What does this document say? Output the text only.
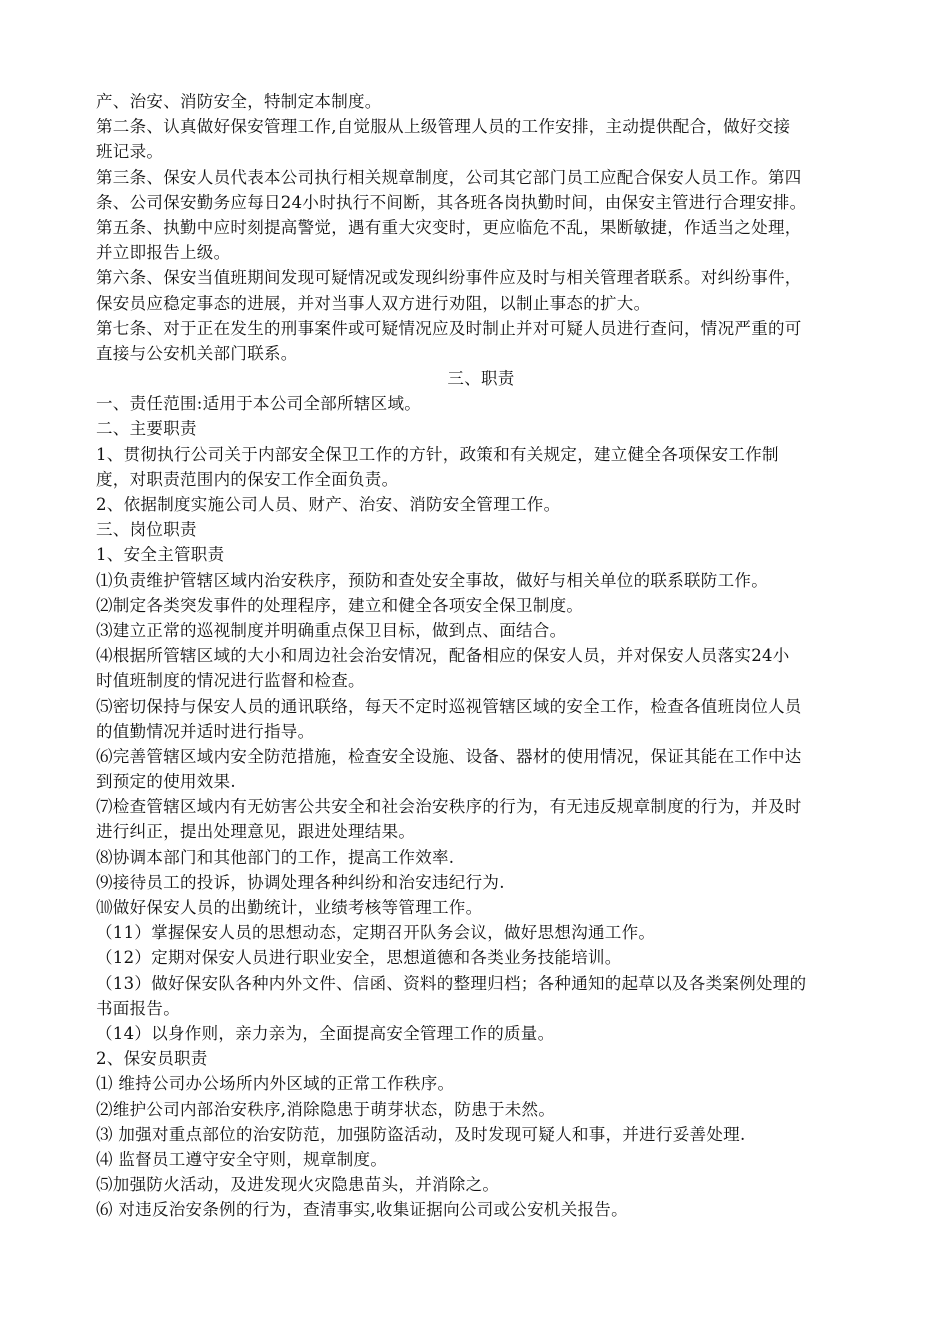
产、治安、消防安全，特制定本制度。
第二条、认真做好保安管理工作,自觉服从上级管理人员的工作安排，主动提供配合，做好交接
班记录。
第三条、保安人员代表本公司执行相关规章制度，公司其它部门员工应配合保安人员工作。第四
条、公司保安勤务应每日24小时执行不间断，其各班各岗执勤时间，由保安主管进行合理安排。
第五条、执勤中应时刻提高警觉，遇有重大灾变时，更应临危不乱，果断敏捷，作适当之处理，
并立即报告上级。
第六条、保安当值班期间发现可疑情况或发现纠纷事件应及时与相关管理者联系。对纠纷事件，
保安员应稳定事态的进展，并对当事人双方进行劝阻，以制止事态的扩大。
第七条、对于正在发生的刑事案件或可疑情况应及时制止并对可疑人员进行查问，情况严重的可
直接与公安机关部门联系。
三、职责
一、责任范围:适用于本公司全部所辖区域。
二、主要职责
1、贯彻执行公司关于内部安全保卫工作的方针，政策和有关规定，建立健全各项保安工作制
度，对职责范围内的保安工作全面负责。
2、依据制度实施公司人员、财产、治安、消防安全管理工作。
三、岗位职责
1、安全主管职责
⑴负责维护管辖区域内治安秩序，预防和查处安全事故，做好与相关单位的联系联防工作。
⑵制定各类突发事件的处理程序，建立和健全各项安全保卫制度。
⑶建立正常的巡视制度并明确重点保卫目标，做到点、面结合。
⑷根据所管辖区域的大小和周边社会治安情况，配备相应的保安人员，并对保安人员落实24小
时值班制度的情况进行监督和检查。
⑸密切保持与保安人员的通讯联络，每天不定时巡视管辖区域的安全工作，检查各值班岗位人员
的值勤情况并适时进行指导。
⑹完善管辖区域内安全防范措施，检查安全设施、设备、器材的使用情况，保证其能在工作中达
到预定的使用效果.
⑺检查管辖区域内有无妨害公共安全和社会治安秩序的行为，有无违反规章制度的行为，并及时
进行纠正，提出处理意见，跟进处理结果。
⑻协调本部门和其他部门的工作，提高工作效率.
⑼接待员工的投诉，协调处理各种纠纷和治安违纪行为.
⑽做好保安人员的出勤统计，业绩考核等管理工作。
（11）掌握保安人员的思想动态，定期召开队务会议，做好思想沟通工作。
（12）定期对保安人员进行职业安全，思想道德和各类业务技能培训。
（13）做好保安队各种内外文件、信函、资料的整理归档；各种通知的起草以及各类案例处理的
书面报告。
（14）以身作则，亲力亲为，全面提高安全管理工作的质量。
2、保安员职责
⑴ 维持公司办公场所内外区域的正常工作秩序。
⑵维护公司内部治安秩序,消除隐患于萌芽状态，防患于未然。
⑶ 加强对重点部位的治安防范，加强防盗活动，及时发现可疑人和事，并进行妥善处理.
⑷ 监督员工遵守安全守则，规章制度。
⑸加强防火活动，及进发现火灾隐患苗头，并消除之。
⑹ 对违反治安条例的行为，查清事实,收集证据向公司或公安机关报告。
